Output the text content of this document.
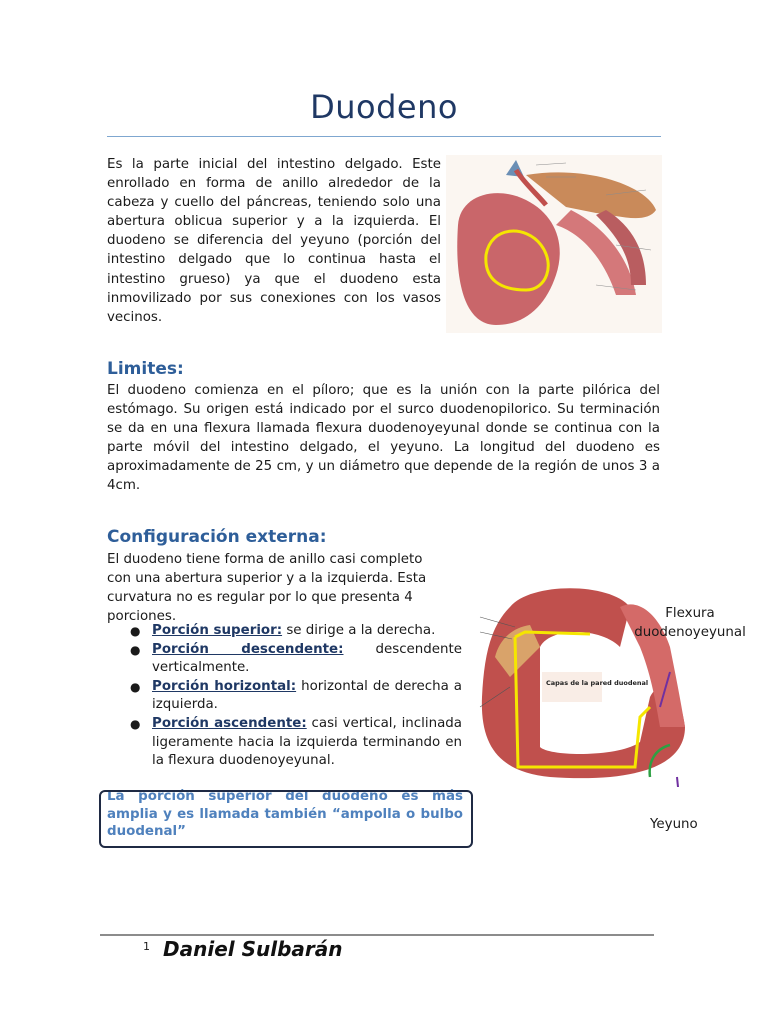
Duodeno
Es la parte inicial del intestino delgado. Este enrollado en forma de anillo alrededor de la cabeza y cuello del páncreas, teniendo solo una abertura oblicua superior y a la izquierda. El duodeno se diferencia del yeyuno (porción del intestino delgado que lo continua hasta el intestino grueso) ya que el duodeno esta inmovilizado por sus conexiones con los vasos vecinos.
Limites:
El duodeno comienza en el píloro; que es la unión con la parte pilórica del estómago. Su origen está indicado por el surco duodenopilorico. Su terminación se da en una flexura llamada flexura duodenoyeyunal donde se continua con la parte móvil del intestino delgado, el yeyuno. La longitud del duodeno es aproximadamente de 25 cm, y un diámetro que depende de la región de unos 3 a 4cm.
Configuración externa:
El duodeno tiene forma de anillo casi completo con una abertura superior y a la izquierda. Esta curvatura no es regular por lo que presenta 4 porciones.
● Porción superior: se dirige a la derecha.
● Porción descendente: descendente verticalmente.
● Porción horizontal: horizontal de derecha a izquierda.
● Porción ascendente: casi vertical, inclinada ligeramente hacia la izquierda terminando en la flexura duodenoyeyunal.
La porción superior del duodeno es más amplia y es llamada también “ampolla o bulbo duodenal”
Capas de la pared duodenal
Flexura duodenoyeyunal
Yeyuno
1 Daniel Sulbarán
